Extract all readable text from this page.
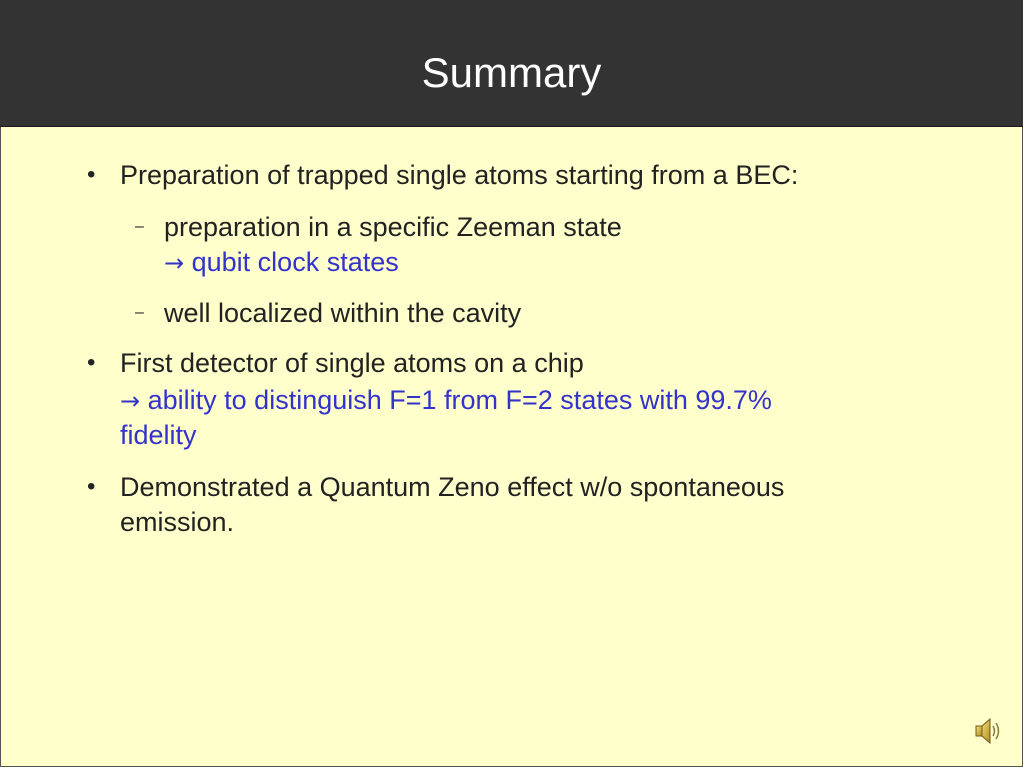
Summary
• Preparation of trapped single atoms starting from a BEC:
– preparation in a specific Zeeman state
→ qubit clock states
– well localized within the cavity
• First detector of single atoms on a chip
→ ability to distinguish F=1 from F=2 states with 99.7%
fidelity
• Demonstrated a Quantum Zeno effect w/o spontaneous
emission.
